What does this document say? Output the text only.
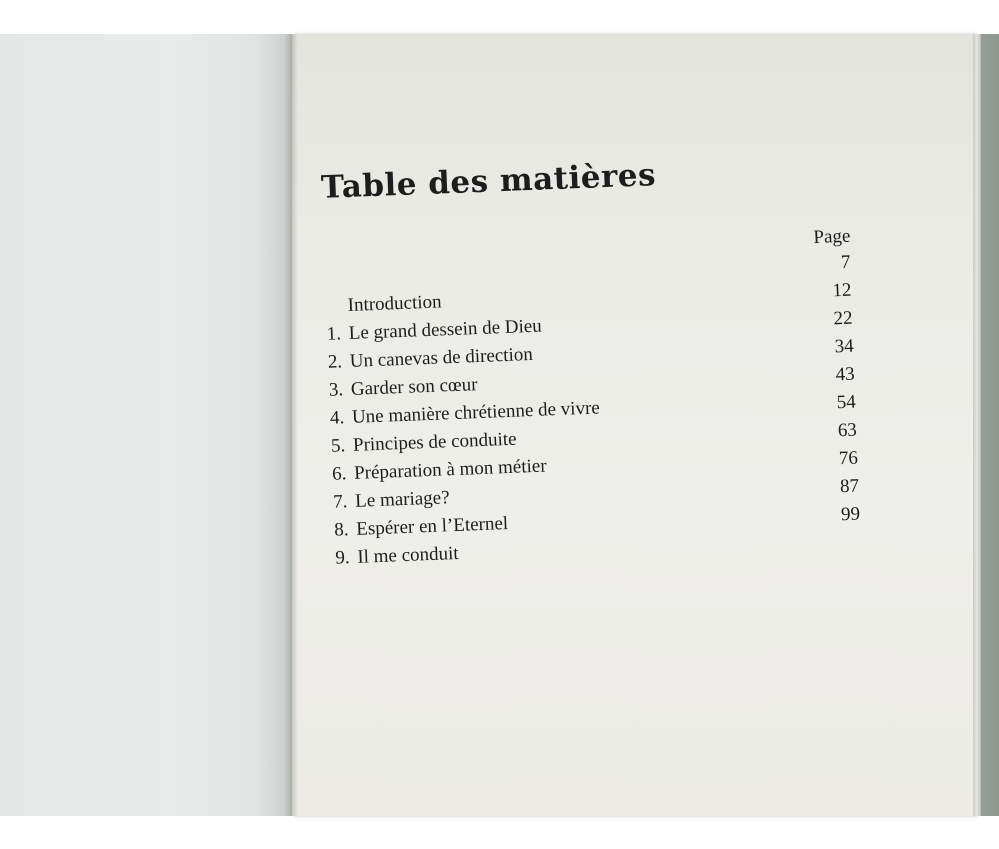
Table des matières
Page
Introduction
1. Le grand dessein de Dieu
2. Un canevas de direction
3. Garder son cœur
4. Une manière chrétienne de vivre
5. Principes de conduite
6. Préparation à mon métier
7. Le mariage?
8. Espérer en l’Eternel
9. Il me conduit
7
12
22
34
43
54
63
76
87
99
